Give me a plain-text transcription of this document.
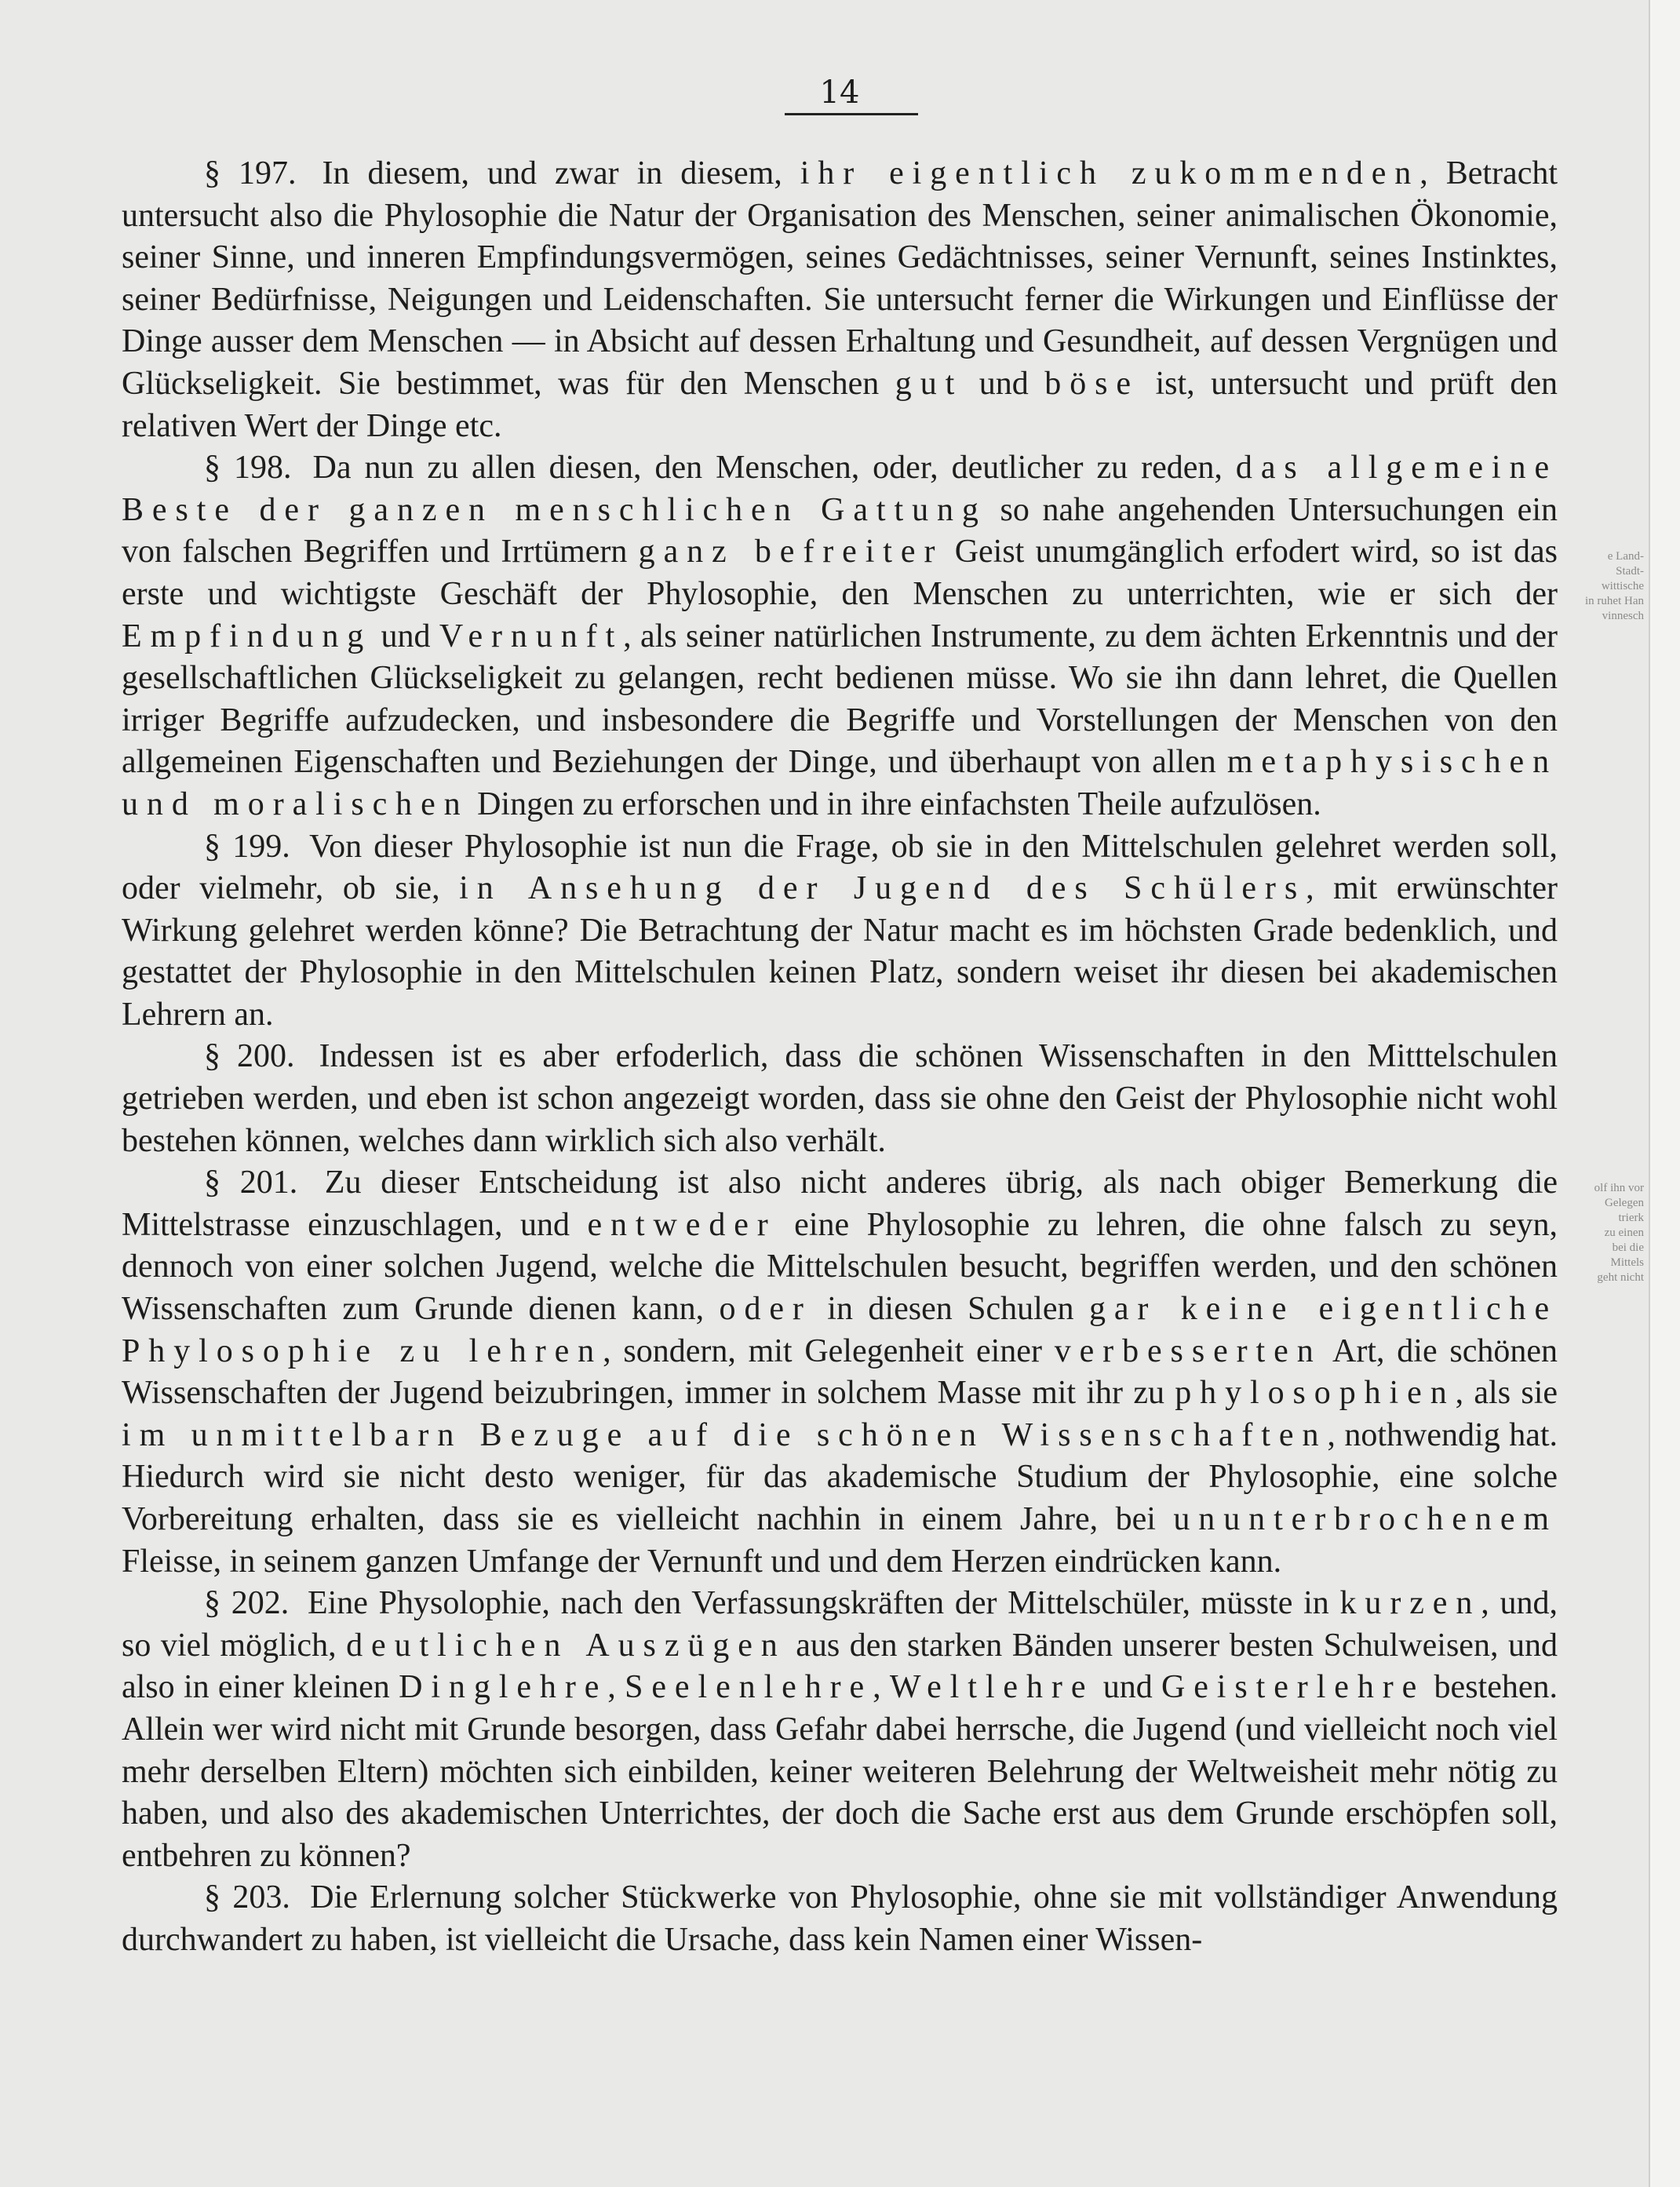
14
e Land-
Stadt-
wittische
in ruhet Han
vinnesch
olf ihn vor
Gelegen
trierk
zu einen
bei die
Mittels
geht nicht

§ 197. In diesem, und zwar in diesem, ihr eigentlich zukommenden, Betracht untersucht also die Phylosophie die Natur der Organisation des Menschen, seiner animalischen Ökonomie, seiner Sinne, und inneren Empfindungsvermögen, seines Gedächtnisses, seiner Vernunft, seines Instinktes, seiner Bedürfnisse, Neigungen und Leidenschaften. Sie untersucht ferner die Wirkungen und Einflüsse der Dinge ausser dem Menschen — in Absicht auf dessen Erhaltung und Gesundheit, auf dessen Vergnügen und Glückseligkeit. Sie bestimmet, was für den Menschen gut und böse ist, untersucht und prüft den relativen Wert der Dinge etc.

§ 198. Da nun zu allen diesen, den Menschen, oder, deutlicher zu reden, das allgemeine Beste der ganzen menschlichen Gattung so nahe angehenden Untersuchungen ein von falschen Begriffen und Irrtümern ganz befreiter Geist unumgänglich erfodert wird, so ist das erste und wichtigste Geschäft der Phylosophie, den Menschen zu unterrichten, wie er sich der Empfindung und Vernunft, als seiner natürlichen Instrumente, zu dem ächten Erkenntnis und der gesellschaftlichen Glückseligkeit zu gelangen, recht bedienen müsse. Wo sie ihn dann lehret, die Quellen irriger Begriffe aufzudecken, und insbesondere die Begriffe und Vorstellungen der Menschen von den allgemeinen Eigenschaften und Beziehungen der Dinge, und überhaupt von allen metaphysischen und moralischen Dingen zu erforschen und in ihre einfachsten Theile aufzulösen.

§ 199. Von dieser Phylosophie ist nun die Frage, ob sie in den Mittelschulen gelehret werden soll, oder vielmehr, ob sie, in Ansehung der Jugend des Schülers, mit erwünschter Wirkung gelehret werden könne? Die Betrachtung der Natur macht es im höchsten Grade bedenklich, und gestattet der Phylosophie in den Mittelschulen keinen Platz, sondern weiset ihr diesen bei akademischen Lehrern an.

§ 200. Indessen ist es aber erfoderlich, dass die schönen Wissenschaften in den Mitttelschulen getrieben werden, und eben ist schon angezeigt worden, dass sie ohne den Geist der Phylosophie nicht wohl bestehen können, welches dann wirklich sich also verhält.

§ 201. Zu dieser Entscheidung ist also nicht anderes übrig, als nach obiger Bemerkung die Mittelstrasse einzuschlagen, und entweder eine Phylosophie zu lehren, die ohne falsch zu seyn, dennoch von einer solchen Jugend, welche die Mittelschulen besucht, begriffen werden, und den schönen Wissenschaften zum Grunde dienen kann, oder in diesen Schulen gar keine eigentliche Phylosophie zu lehren, sondern, mit Gelegenheit einer verbesserten Art, die schönen Wissenschaften der Jugend beizubringen, immer in solchem Masse mit ihr zu phylosophien, als sie im unmittelbarn Bezuge auf die schönen Wissenschaften, nothwendig hat. Hiedurch wird sie nicht desto weniger, für das akademische Studium der Phylosophie, eine solche Vorbereitung erhalten, dass sie es vielleicht nachhin in einem Jahre, bei ununterbrochenem Fleisse, in seinem ganzen Umfange der Vernunft und und dem Herzen eindrücken kann.

§ 202. Eine Physolophie, nach den Verfassungskräften der Mittelschüler, müsste in kurzen, und, so viel möglich, deutlichen Auszügen aus den starken Bänden unserer besten Schulweisen, und also in einer kleinen Dinglehre, Seelenlehre, Weltlehre und Geisterlehre bestehen. Allein wer wird nicht mit Grunde besorgen, dass Gefahr dabei herrsche, die Jugend (und vielleicht noch viel mehr derselben Eltern) möchten sich einbilden, keiner weiteren Belehrung der Weltweisheit mehr nötig zu haben, und also des akademischen Unterrichtes, der doch die Sache erst aus dem Grunde erschöpfen soll, entbehren zu können?

§ 203. Die Erlernung solcher Stückwerke von Phylosophie, ohne sie mit vollständiger Anwendung durchwandert zu haben, ist vielleicht die Ursache, dass kein Namen einer Wissen-
